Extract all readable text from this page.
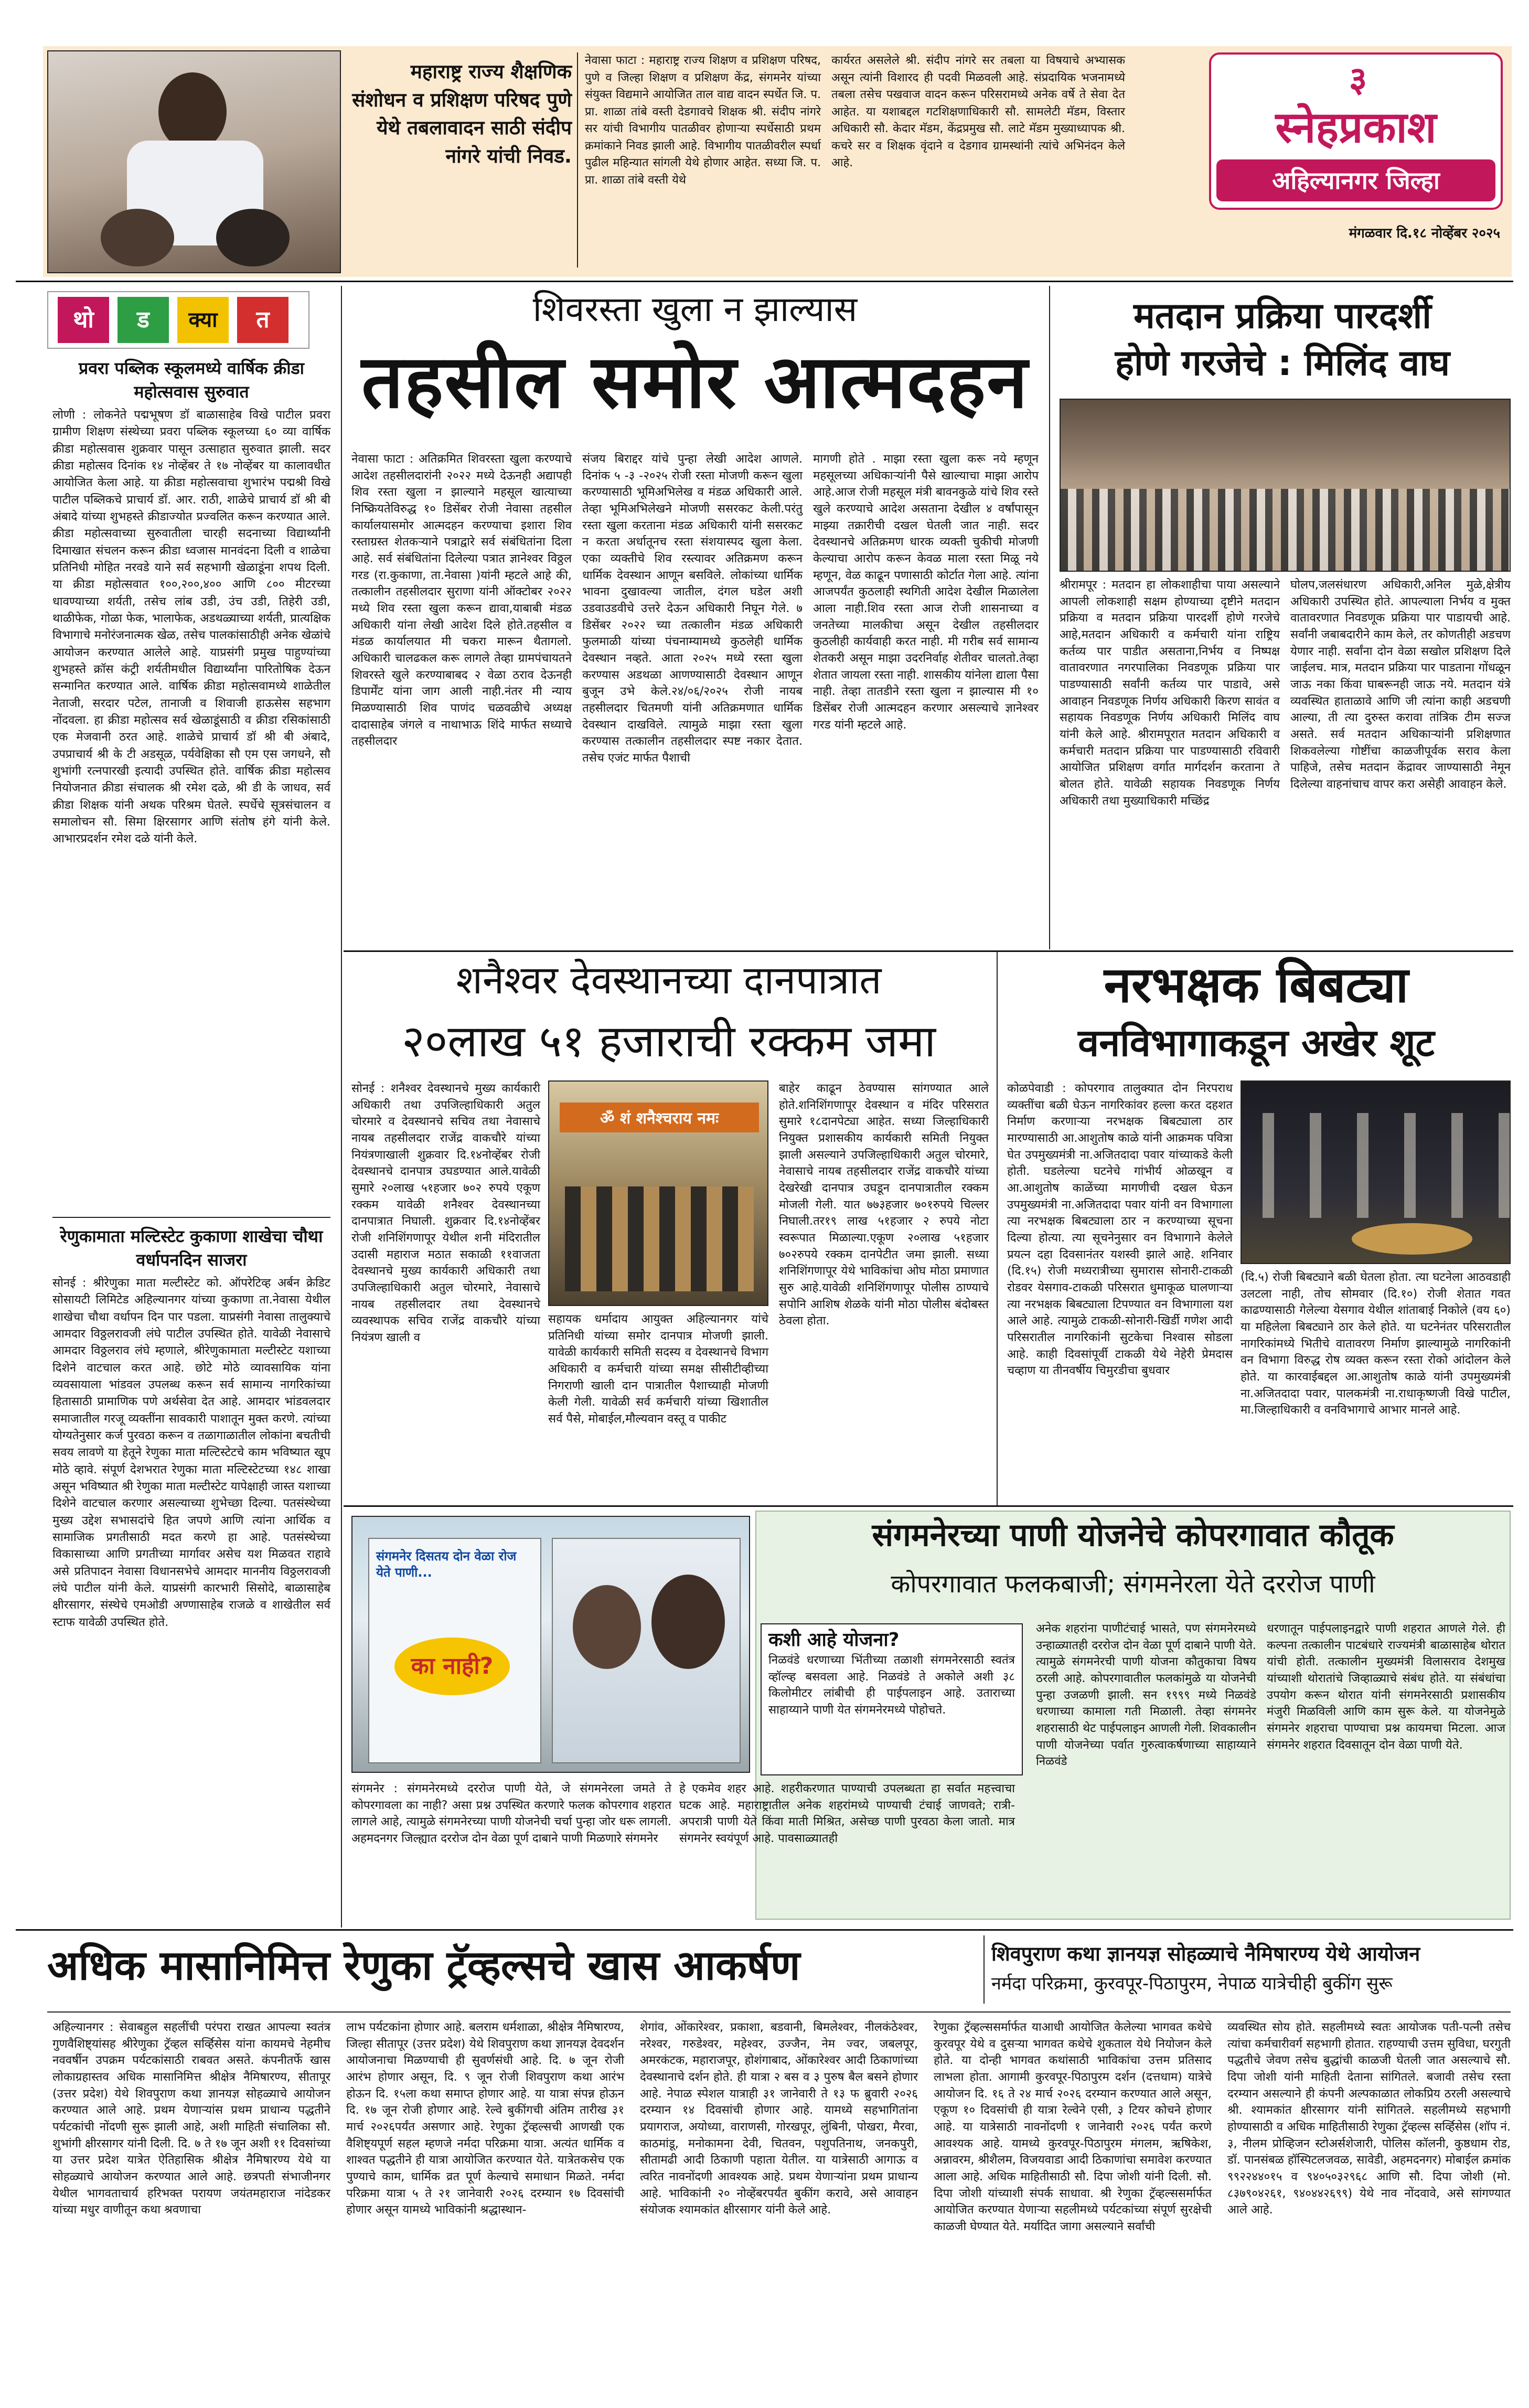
महाराष्ट्र राज्य शैक्षणिक संशोधन व प्रशिक्षण परिषद पुणे येथे तबलावादन साठी संदीप नांगरे यांची निवड.
नेवासा फाटा : महाराष्ट्र राज्य शिक्षण व प्रशिक्षण परिषद, पुणे व जिल्हा शिक्षण व प्रशिक्षण केंद्र, संगमनेर यांच्या संयुक्त विद्यमाने आयोजित ताल वाद्य वादन स्पर्धेत जि. प. प्रा. शाळा तांबे वस्ती देडगावचे शिक्षक श्री. संदीप नांगरे सर यांची विभागीय पातळीवर होणाऱ्या स्पर्धेसाठी प्रथम क्रमांकाने निवड झाली आहे. विभागीय पातळीवरील स्पर्धा पुढील महिन्यात सांगली येथे होणार आहेत. सध्या जि. प. प्रा. शाळा तांबे वस्ती येथे
कार्यरत असलेले श्री. संदीप नांगरे सर तबला या विषयाचे अभ्यासक असून त्यांनी विशारद ही पदवी मिळवली आहे. संप्रदायिक भजनामध्ये तबला तसेच पखवाज वादन करून परिसरामध्ये अनेक वर्षे ते सेवा देत आहेत. या यशाबद्दल गटशिक्षणाधिकारी सौ. सामलेटी मॅडम, विस्तार अधिकारी सौ. केदार मॅडम, केंद्रप्रमुख सौ. लाटे मॅडम मुख्याध्यापक श्री. कचरे सर व शिक्षक वृंदाने व देडगाव ग्रामस्थांनी त्यांचे अभिनंदन केले आहे.
३
स्नेहप्रकाश
अहिल्यानगर जिल्हा
मंगळवार दि.१८ नोव्हेंबर २०२५
थो	ड	क्या	त
प्रवरा पब्लिक स्कूलमध्ये वार्षिक क्रीडा महोत्सवास सुरुवात
लोणी : लोकनेते पद्मभूषण डॉ बाळासाहेब विखे पाटील प्रवरा ग्रामीण शिक्षण संस्थेच्या प्रवरा पब्लिक स्कूलच्या ६० व्या वार्षिक क्रीडा महोत्सवास शुक्रवार पासून उत्साहात सुरुवात झाली. सदर क्रीडा महोत्सव दिनांक १४ नोव्हेंबर ते १७ नोव्हेंबर या कालावधीत आयोजित केला आहे. या क्रीडा महोत्सवाचा शुभारंभ पद्मश्री विखे पाटील पब्लिकचे प्राचार्य डॉ. आर. राठी, शाळेचे प्राचार्य डॉ श्री बी अंबादे यांच्या शुभहस्ते क्रीडाज्योत प्रज्वलित करून करण्यात आले. क्रीडा महोत्सवाच्या सुरुवातीला चारही सदनाच्या विद्यार्थ्यांनी दिमाखात संचलन करून क्रीडा ध्वजास मानवंदना दिली व शाळेचा प्रतिनिधी मोहित नरवडे याने सर्व सहभागी खेळाडूंना शपथ दिली. या क्रीडा महोत्सवात १००,२००,४०० आणि ८०० मीटरच्या धावण्याच्या शर्यती, तसेच लांब उडी, उंच उडी, तिहेरी उडी, थाळीफेक, गोळा फेक, भालाफेक, अडथळ्याच्या शर्यती, प्रात्यक्षिक विभागाचे मनोरंजनात्मक खेळ, तसेच पालकांसाठीही अनेक खेळांचे आयोजन करण्यात आलेले आहे. याप्रसंगी प्रमुख पाहुण्यांच्या शुभहस्ते क्रॉस कंट्री शर्यतीमधील विद्यार्थ्यांना पारितोषिक देऊन सन्मानित करण्यात आले. वार्षिक क्रीडा महोत्सवामध्ये शाळेतील नेताजी, सरदार पटेल, तानाजी व शिवाजी हाऊसेस सहभाग नोंदवला. हा क्रीडा महोत्सव सर्व खेळाडूंसाठी व क्रीडा रसिकांसाठी एक मेजवानी ठरत आहे. शाळेचे प्राचार्य डॉ श्री बी अंबादे, उपप्राचार्य श्री के टी अडसूळ, पर्यवेक्षिका सौ एम एस जगधने, सौ शुभांगी रत्नपारखी इत्यादी उपस्थित होते. वार्षिक क्रीडा महोत्सव नियोजनात क्रीडा संचालक श्री रमेश दळे, श्री डी के जाधव, सर्व क्रीडा शिक्षक यांनी अथक परिश्रम घेतले. स्पर्धेचे सूत्रसंचालन व समालोचन सौ. सिमा क्षिरसागर आणि संतोष हंगे यांनी केले. आभारप्रदर्शन रमेश दळे यांनी केले.
रेणुकामाता मल्टिस्टेट कुकाणा शाखेचा चौथा वर्धापनदिन साजरा
सोनई : श्रीरेणुका माता मल्टीस्टेट को. ऑपरेटिव्ह अर्बन क्रेडिट सोसायटी लिमिटेड अहिल्यानगर यांच्या कुकाणा ता.नेवासा येथील शाखेचा चौथा वर्धापन दिन पार पडला. याप्रसंगी नेवासा तालुक्याचे आमदार विठ्ठलरावजी लंघे पाटील उपस्थित होते. यावेळी नेवासाचे आमदार विठ्ठलराव लंघे म्हणाले, श्रीरेणुकामाता मल्टीस्टेट यशाच्या दिशेने वाटचाल करत आहे. छोटे मोठे व्यावसायिक यांना व्यवसायाला भांडवल उपलब्ध करून सर्व सामान्य नागरिकांच्या हितासाठी प्रामाणिक पणे अर्थसेवा देत आहे. आमदार भांडवलदार समाजातील गरजू व्यक्तींना सावकारी पाशातून मुक्त करणे. त्यांच्या योग्यतेनुसार कर्ज पुरवठा करून व तळागाळातील लोकांना बचतीची सवय लावणे या हेतूने रेणुका माता मल्टिस्टेटचे काम भविष्यात खूप मोठे व्हावे. संपूर्ण देशभरात रेणुका माता मल्टिस्टेटच्या १४८ शाखा असून भविष्यात श्री रेणुका माता मल्टीस्टेट यापेक्षाही जास्त यशाच्या दिशेने वाटचाल करणार असल्याच्या शुभेच्छा दिल्या. पतसंस्थेच्या मुख्य उद्देश सभासदांचे हित जपणे आणि त्यांना आर्थिक व सामाजिक प्रगतीसाठी मदत करणे हा आहे. पतसंस्थेच्या विकासाच्या आणि प्रगतीच्या मार्गावर असेच यश मिळवत राहावे असे प्रतिपादन नेवासा विधानसभेचे आमदार माननीय विठ्ठलरावजी लंघे पाटील यांनी केले. याप्रसंगी कारभारी सिसोदे, बाळासाहेब क्षीरसागर, संस्थेचे एमओडी अण्णासाहेब राजळे व शाखेतील सर्व स्टाफ यावेळी उपस्थित होते.
शिवरस्ता खुला न झाल्यास
तहसील समोर आत्मदहन
नेवासा फाटा : अतिक्रमित शिवरस्ता खुला करण्याचे आदेश तहसीलदारांनी २०२२ मध्ये देऊनही अद्यापही शिव रस्ता खुला न झाल्याने महसूल खात्याच्या निष्क्रियतेविरुद्ध १० डिसेंबर रोजी नेवासा तहसील कार्यालयासमोर आत्मदहन करण्याचा इशारा शिव रस्ताग्रस्त शेतकऱ्याने पत्राद्वारे सर्व संबंधितांना दिला आहे. सर्व संबंधितांना दिलेल्या पत्रात ज्ञानेश्वर विठ्ठल गरड (रा.कुकाणा, ता.नेवासा )यांनी म्हटले आहे की, तत्कालीन तहसीलदार सुराणा यांनी ऑक्टोबर २०२२ मध्ये शिव रस्ता खुला करून द्यावा,याबाबी मंडळ अधिकारी यांना लेखी आदेश दिले होते.तहसील व मंडळ कार्यालयात मी चकरा मारून थैतागलो. अधिकारी चालढकल करू लागले तेव्हा ग्रामपंचायतने शिवरस्ते खुले करण्याबाबद २ वेळा ठराव देऊनही डिपार्मेंट यांना जाग आली नाही.नंतर मी न्याय मिळण्यासाठी शिव पाणंद चळवळीचे अध्यक्ष दादासाहेब जंगले व नाथाभाऊ शिंदे मार्फत सध्याचे तहसीलदार
संजय बिराद्दर यांचे पुन्हा लेखी आदेश आणले. दिनांक ५ -३ -२०२५ रोजी रस्ता मोजणी करून खुला करण्यासाठी भूमिअभिलेख व मंडळ अधिकारी आले. तेव्हा भूमिअभिलेखने मोजणी ससरकट केली.परंतु रस्ता खुला करताना मंडळ अधिकारी यांनी ससरकट न करता अर्धातूनच रस्ता संशयास्पद खुला केला. एका व्यक्तीचे शिव रस्त्यावर अतिक्रमण करून धार्मिक देवस्थान आणून बसविले. लोकांच्या धार्मिक भावना दुखावल्या जातील, दंगल घडेल अशी उडवाउडवीचे उत्तरे देऊन अधिकारी निघून गेले. ७ डिसेंबर २०२२ च्या तत्कालीन मंडळ अधिकारी फुलमाळी यांच्या पंचनाम्यामध्ये कुठलेही धार्मिक देवस्थान नव्हते. आता २०२५ मध्ये रस्ता खुला करण्यास अडथळा आणण्यासाठी देवस्थान आणून बुजून उभे केले.२४/०६/२०२५ रोजी नायब तहसीलदार चितमणी यांनी अतिक्रमणात धार्मिक देवस्थान दाखविले. त्यामुळे माझा रस्ता खुला करण्यास तत्कालीन तहसीलदार स्पष्ट नकार देतात. तसेच एजंट मार्फत पैशाची
मागणी होते . माझा रस्ता खुला करू नये म्हणून महसूलच्या अधिकाऱ्यांनी पैसे खाल्याचा माझा आरोप आहे.आज रोजी महसूल मंत्री बावनकुळे यांचे शिव रस्ते खुले करण्याचे आदेश असताना देखील ४ वर्षांपासून माझ्या तक्रारीची दखल घेतली जात नाही. सदर देवस्थानचे अतिक्रमण धारक व्यक्ती चुकीची मोजणी केल्याचा आरोप करून केवळ माला रस्ता मिळू नये म्हणून, वेळ काढून पणासाठी कोर्टात गेला आहे. त्यांना आजपर्यंत कुठलाही स्थगिती आदेश देखील मिळालेला आला नाही.शिव रस्ता आज रोजी शासनाच्या व जनतेच्या मालकीचा असून देखील तहसीलदार कुठलीही कार्यवाही करत नाही. मी गरीब सर्व सामान्य शेतकरी असून माझा उदरनिर्वाह शेतीवर चालतो.तेव्हा शेतात जायला रस्ता नाही. शासकीय यांनेला द्याला पैसा नाही. तेव्हा तातडीने रस्ता खुला न झाल्यास मी १० डिसेंबर रोजी आत्मदहन करणार असल्याचे ज्ञानेश्वर गरड यांनी म्हटले आहे.
मतदान प्रक्रिया पारदर्शी
होणे गरजेचे : मिलिंद वाघ
श्रीरामपूर : मतदान हा लोकशाहीचा पाया असल्याने आपली लोकशाही सक्षम होण्याच्या दृष्टीने मतदान प्रक्रिया व मतदान प्रक्रिया पारदर्शी होणे गरजेचे आहे,मतदान अधिकारी व कर्मचारी यांना राष्ट्रिय कर्तव्य पार पाडीत असताना,निर्भय व निष्पक्ष वातावरणात नगरपालिका निवडणूक प्रक्रिया पार पाडण्यासाठी सर्वांनी कर्तव्य पार पाडावे, असे आवाहन निवडणूक निर्णय अधिकारी किरण सावंत व सहायक निवडणूक निर्णय अधिकारी मिलिंद वाघ यांनी केले आहे. श्रीरामपूरात मतदान अधिकारी व कर्मचारी मतदान प्रक्रिया पार पाडण्यासाठी रविवारी आयोजित प्रशिक्षण वर्गात मार्गदर्शन करताना ते बोलत होते. यावेळी सहायक निवडणूक निर्णय अधिकारी तथा मुख्याधिकारी मच्छिंद्र
घोलप,जलसंधारण अधिकारी,अनिल मुळे,क्षेत्रीय अधिकारी उपस्थित होते. आपल्याला निर्भय व मुक्त वातावरणात निवडणूक प्रक्रिया पार पाडायची आहे. सर्वांनी जबाबदारीने काम केले, तर कोणतीही अडचण येणार नाही. सर्वांना दोन वेळा सखोल प्रशिक्षण दिले जाईलच. मात्र, मतदान प्रक्रिया पार पाडताना गोंधळून जाऊ नका किंवा घाबरूनही जाऊ नये. मतदान यंत्रे व्यवस्थित हाताळावे आणि जी त्यांना काही अडचणी आल्या, ती त्या दुरुस्त करावा तांत्रिक टीम सज्ज असते. सर्व मतदान अधिकाऱ्यांनी प्रशिक्षणात शिकवलेल्या गोष्टींचा काळजीपूर्वक सराव केला पाहिजे, तसेच मतदान केंद्रावर जाण्यासाठी नेमून दिलेल्या वाहनांचाच वापर करा असेही आवाहन केले.
शनैश्वर देवस्थानच्या दानपात्रात
२०लाख ५१ हजाराची रक्कम जमा
सोनई : शनैश्वर देवस्थानचे मुख्य कार्यकारी अधिकारी तथा उपजिल्हाधिकारी अतुल चोरमारे व देवस्थानचे सचिव तथा नेवासाचे नायब तहसीलदार राजेंद्र वाकचौरे यांच्या नियंत्रणाखाली शुक्रवार दि.१४नोव्हेंबर रोजी देवस्थानचे दानपात्र उघडण्यात आले.यावेळी सुमारे २०लाख ५१हजार ७०२ रुपये एकूण रक्कम यावेळी शनैश्वर देवस्थानच्या दानपात्रात निघाली. शुक्रवार दि.१४नोव्हेंबर रोजी शनिशिंगणापूर येथील शनी मंदिरातील उदासी महाराज मठात सकाळी ११वाजता देवस्थानचे मुख्य कार्यकारी अधिकारी तथा उपजिल्हाधिकारी अतुल चोरमारे, नेवासाचे नायब तहसीलदार तथा देवस्थानचे व्यवस्थापक सचिव राजेंद्र वाकचौरे यांच्या नियंत्रण खाली व
ॐ शं शनैश्चराय नमः
सहायक धर्मादाय आयुक्त अहिल्यानगर यांचे प्रतिनिधी यांच्या समोर दानपात्र मोजणी झाली. यावेळी कार्यकारी समिती सदस्य व देवस्थानचे विभाग अधिकारी व कर्मचारी यांच्या समक्ष सीसीटीव्हीच्या निगराणी खाली दान पात्रातील पैशाच्याही मोजणी केली गेली. यावेळी सर्व कर्मचारी यांच्या खिशातील सर्व पैसे, मोबाईल,मौल्यवान वस्तू व पाकीट
बाहेर काढून ठेवण्यास सांगण्यात आले होते.शनिशिंगणापूर देवस्थान व मंदिर परिसरात सुमारे १८दानपेट्या आहेत. सध्या जिल्हाधिकारी नियुक्त प्रशासकीय कार्यकारी समिती नियुक्त झाली असल्याने उपजिल्हाधिकारी अतुल चोरमारे, नेवासाचे नायब तहसीलदार राजेंद्र वाकचौरे यांच्या देखरेखी दानपात्र उघडून दानपात्रातील रक्कम मोजली गेली. यात ७७३हजार ७०१रुपये चिल्लर निघाली.तर१९ लाख ५१हजार २ रुपये नोटा स्वरूपात मिळाल्या.एकूण २०लाख ५१हजार ७०२रुपये रक्कम दानपेटीत जमा झाली. सध्या शनिशिंगणापूर येथे भाविकांचा ओघ मोठा प्रमाणात सुरु आहे.यावेळी शनिशिंगणापूर पोलीस ठाण्याचे सपोनि आशिष शेळके यांनी मोठा पोलीस बंदोबस्त ठेवला होता.
नरभक्षक बिबट्या
वनविभागाकडून अखेर शूट
कोळपेवाडी : कोपरगाव तालुक्यात दोन निरपराध व्यक्तींचा बळी घेऊन नागरिकांवर हल्ला करत दहशत निर्माण करणाऱ्या नरभक्षक बिबट्याला ठार मारण्यासाठी आ.आशुतोष काळे यांनी आक्रमक पवित्रा घेत उपमुख्यमंत्री ना.अजितदादा पवार यांच्याकडे केली होती. घडलेल्या घटनेचे गांभीर्य ओळखून व आ.आशुतोष काळेंच्या मागणीची दखल घेऊन उपमुख्यमंत्री ना.अजितदादा पवार यांनी वन विभागाला त्या नरभक्षक बिबट्याला ठार न करण्याच्या सूचना दिल्या होत्या. त्या सूचनेनुसार वन विभागाने केलेले प्रयत्न दहा दिवसानंतर यशस्वी झाले आहे. शनिवार (दि.१५) रोजी मध्यरात्रीच्या सुमारास सोनारी-टाकळी रोडवर येसगाव-टाकळी परिसरात धुमाकूळ घालणाऱ्या त्या नरभक्षक बिबट्याला टिपण्यात वन विभागाला यश आले आहे. त्यामुळे टाकळी-सोनारी-खिर्डी गणेश आदी परिसरातील नागरिकांनी सुटकेचा निश्वास सोडला आहे. काही दिवसांपूर्वी टाकळी येथे नेहेरी प्रेमदास चव्हाण या तीनवर्षीय चिमुरडीचा बुधवार
(दि.५) रोजी बिबट्याने बळी घेतला होता. त्या घटनेला आठवडाही उलटला नाही, तोच सोमवार (दि.१०) रोजी शेतात गवत काढण्यासाठी गेलेल्या येसगाव येथील शांताबाई निकोले (वय ६०) या महिलेला बिबट्याने ठार केले होते. या घटनेनंतर परिसरातील नागरिकांमध्ये भितीचे वातावरण निर्माण झाल्यामुळे नागरिकांनी वन विभागा विरुद्ध रोष व्यक्त करून रस्ता रोको आंदोलन केले होते. या कारवाईबद्दल आ.आशुतोष काळे यांनी उपमुख्यमंत्री ना.अजितदादा पवार, पालकमंत्री ना.राधाकृष्णजी विखे पाटील, मा.जिल्हाधिकारी व वनविभागाचे आभार मानले आहे.
संगमनेरच्या पाणी योजनेचे कोपरगावात कौतूक
कोपरगावात फलकबाजी; संगमनेरला येते दररोज पाणी
संगमनेर दिसतय दोन वेळा रोज येते पाणी...
का नाही?
कशी आहे योजना?
निळवंडे धरणाच्या भिंतीच्या तळाशी संगमनेरसाठी स्वतंत्र व्हॉल्व्ह बसवला आहे. निळवंडे ते अकोले अशी ३८ किलोमीटर लांबीची ही पाईपलाइन आहे. उताराच्या साहाय्याने पाणी येत संगमनेरमध्ये पोहोचते.
अनेक शहरांना पाणीटंचाई भासते, पण संगमनेरमध्ये उन्हाळ्यातही दररोज दोन वेळा पूर्ण दाबाने पाणी येते. त्यामुळे संगमनेरची पाणी योजना कौतुकाचा विषय ठरली आहे. कोपरगावातील फलकांमुळे या योजनेची पुन्हा उजळणी झाली. सन १९९९ मध्ये निळवंडे धरणाच्या कामाला गती मिळाली. तेव्हा संगमनेर शहरासाठी थेट पाईपलाइन आणली गेली. शिवकालीन पाणी योजनेच्या पर्वात गुरुत्वाकर्षणाच्या साहाय्याने निळवंडे
धरणातून पाईपलाइनद्वारे पाणी शहरात आणले गेले. ही कल्पना तत्कालीन पाटबंधारे राज्यमंत्री बाळासाहेब थोरात यांची होती. तत्कालीन मुख्यमंत्री विलासराव देशमुख यांच्याशी थोरातांचे जिव्हाळ्याचे संबंध होते. या संबंधांचा उपयोग करून थोरात यांनी संगमनेरसाठी प्रशासकीय मंजुरी मिळविली आणि काम सुरू केले. या योजनेमुळे संगमनेर शहराचा पाण्याचा प्रश्न कायमचा मिटला. आज संगमनेर शहरात दिवसातून दोन वेळा पाणी येते.
संगमनेर : संगमनेरमध्ये दररोज पाणी येते, जे संगमनेरला जमते ते कोपरगावला का नाही? असा प्रश्न उपस्थित करणारे फलक कोपरगाव शहरात लागले आहे, त्यामुळे संगमनेरच्या पाणी योजनेची चर्चा पुन्हा जोर धरू लागली. अहमदनगर जिल्ह्यात दररोज दोन वेळा पूर्ण दाबाने पाणी मिळणारे संगमनेर
हे एकमेव शहर आहे. शहरीकरणात पाण्याची उपलब्धता हा सर्वात महत्त्वाचा घटक आहे. महाराष्ट्रातील अनेक शहरांमध्ये पाण्याची टंचाई जाणवते; रात्री-अपरात्री पाणी येते किंवा माती मिश्रित, असेच्छ पाणी पुरवठा केला जातो. मात्र संगमनेर स्वयंपूर्ण आहे. पावसाळ्यातही
अधिक मासानिमित्त रेणुका ट्रॅव्हल्सचे खास आकर्षण	शिवपुराण कथा ज्ञानयज्ञ सोहळ्याचे नैमिषारण्य येथे आयोजन
नर्मदा परिक्रमा, कुरवपूर-पिठापुरम, नेपाळ यात्रेचीही बुकींग सुरू
अहिल्यानगर : सेवाबहुल सहलींची परंपरा राखत आपल्या स्वतंत्र गुणवैशिष्ट्यांसह श्रीरेणुका ट्रॅव्हल सर्व्हिसेस यांना कायमचे नेहमीच नववर्षीन उपक्रम पर्यटकांसाठी राबवत असते. कंपनीतर्फे खास लोकाग्रहास्तव अधिक मासानिमित्त श्रीक्षेत्र नैमिषारण्य, सीतापूर (उत्तर प्रदेश) येथे शिवपुराण कथा ज्ञानयज्ञ सोहळ्याचे आयोजन करण्यात आले आहे. प्रथम येणाऱ्यांस प्रथम प्राधान्य पद्धतीने पर्यटकांची नोंदणी सुरू झाली आहे, अशी माहिती संचालिका सौ. शुभांगी क्षीरसागर यांनी दिली. दि. ७ ते १७ जून अशी ११ दिवसांच्या या उत्तर प्रदेश यात्रेत ऐतिहासिक श्रीक्षेत्र नैमिषारण्य येथे या सोहळ्याचे आयोजन करण्यात आले आहे. छत्रपती संभाजीनगर येथील भागवताचार्य हरिभक्त परायण जयंतमहाराज नांदेडकर यांच्या मधुर वाणीतून कथा श्रवणाचा
लाभ पर्यटकांना होणार आहे. बलराम धर्मशाळा, श्रीक्षेत्र नैमिषारण्य, जिल्हा सीतापूर (उत्तर प्रदेश) येथे शिवपुराण कथा ज्ञानयज्ञ देवदर्शन आयोजनाचा मिळण्याची ही सुवर्णसंधी आहे. दि. ७ जून रोजी आरंभ होणार असून, दि. ९ जून रोजी शिवपुराण कथा आरंभ होऊन दि. १५ला कथा समाप्त होणार आहे. या यात्रा संपन्न होऊन दि. १७ जून रोजी होणार आहे. रेल्वे बुकींगची अंतिम तारीख ३१ मार्च २०२६पर्यंत असणार आहे. रेणुका ट्रॅव्हल्सची आणखी एक वैशिष्ट्यपूर्ण सहल म्हणजे नर्मदा परिक्रमा यात्रा. अत्यंत धार्मिक व शाश्वत पद्धतीने ही यात्रा आयोजित करण्यात येते. यात्रेतकसेच एक पुण्याचे काम, धार्मिक व्रत पूर्ण केल्याचे समाधान मिळते. नर्मदा परिक्रमा यात्रा ५ ते २१ जानेवारी २०२६ दरम्यान १७ दिवसांची होणार असून यामध्ये भाविकांनी श्रद्धास्थान-
शेगांव, ओंकारेश्वर, प्रकाशा, बडवानी, बिमलेश्वर, नीलकंठेश्वर, नरेश्वर, गरुडेश्वर, महेश्वर, उज्जैन, नेम ज्वर, जबलपूर, अमरकंटक, महाराजपूर, होशंगाबाद, ओंकारेश्वर आदी ठिकाणांच्या देवस्थानाचे दर्शन होते. ही यात्रा २ बस व ३ पुरुष बैल बसने होणार आहे. नेपाळ स्पेशल यात्राही ३१ जानेवारी ते १३ फ ब्रुवारी २०२६ दरम्यान १४ दिवसांची होणार आहे. यामध्ये सहभागितांना प्रयागराज, अयोध्या, वाराणसी, गोरखपूर, लुंबिनी, पोखरा, मैरवा, काठमांडू, मनोकामना देवी, चितवन, पशुपतिनाथ, जनकपुरी, सीतामढी आदी ठिकाणी पहाता येतील. या यात्रेसाठी आगाऊ व त्वरित नावनोंदणी आवश्यक आहे. प्रथम येणाऱ्यांना प्रथम प्राधान्य आहे. भाविकांनी २० नोव्हेंबरपर्यंत बुकींग करावे, असे आवाहन संयोजक श्यामकांत क्षीरसागर यांनी केले आहे.
रेणुका ट्रॅव्हल्ससर्मार्फत याआधी आयोजित केलेल्या भागवत कथेचे कुरवपूर येथे व दुसऱ्या भागवत कथेचे शुकताल येथे नियोजन केले होते. या दोन्ही भागवत कथांसाठी भाविकांचा उत्तम प्रतिसाद लाभला होता. आगामी कुरवपूर-पिठापुरम दर्शन (दत्तधाम) यात्रेचे आयोजन दि. १६ ते २४ मार्च २०२६ दरम्यान करण्यात आले असून, एकूण १० दिवसांची ही यात्रा रेल्वेने एसी, ३ टियर कोचने होणार आहे. या यात्रेसाठी नावनोंदणी १ जानेवारी २०२६ पर्यंत करणे आवश्यक आहे. यामध्ये कुरवपूर-पिठापुरम मंगलम, ऋषिकेश, अन्नावरम, श्रीशैलम, विजयवाडा आदी ठिकाणांचा समावेश करण्यात आला आहे. अधिक माहितीसाठी सौ. दिपा जोशी यांनी दिली. सौ. दिपा जोशी यांच्याशी संपर्क साधावा. श्री रेणुका ट्रॅव्हल्ससर्मार्फत आयोजित करण्यात येणाऱ्या सहलीमध्ये पर्यटकांच्या संपूर्ण सुरक्षेची काळजी घेण्यात येते. मर्यादित जागा असल्याने सर्वांची
व्यवस्थित सोय होते. सहलीमध्ये स्वतः आयोजक पती-पत्नी तसेच त्यांचा कर्मचारीवर्ग सहभागी होतात. राहण्याची उत्तम सुविधा, घरगुती पद्धतीचे जेवण तसेच बुद्धांची काळजी घेतली जात असल्याचे सौ. दिपा जोशी यांनी माहिती देताना सांगितले. बजावी तसेच रस्ता दरम्यान असल्याने ही कंपनी अल्पकाळात लोकप्रिय ठरली असल्याचे श्री. श्यामकांत क्षीरसागर यांनी सांगितले. सहलीमध्ये सहभागी होण्यासाठी व अधिक माहितीसाठी रेणुका ट्रॅव्हल्स सर्व्हिसेस (शॉप नं. ३, नीलम प्रोव्हिजन स्टोअर्सशेजारी, पोलिस कॉलनी, कुष्ठधाम रोड, डॉ. पानसंबळ हॉस्पिटलजवळ, सावेडी, अहमदनगर) मोबाईल क्रमांक ९९२२४४०१५ व ९४०५०३२९६८ आणि सौ. दिपा जोशी (मो. ८३७९०४२६१, ९४०४४२६९९) येथे नाव नोंदवावे, असे सांगण्यात आले आहे.
